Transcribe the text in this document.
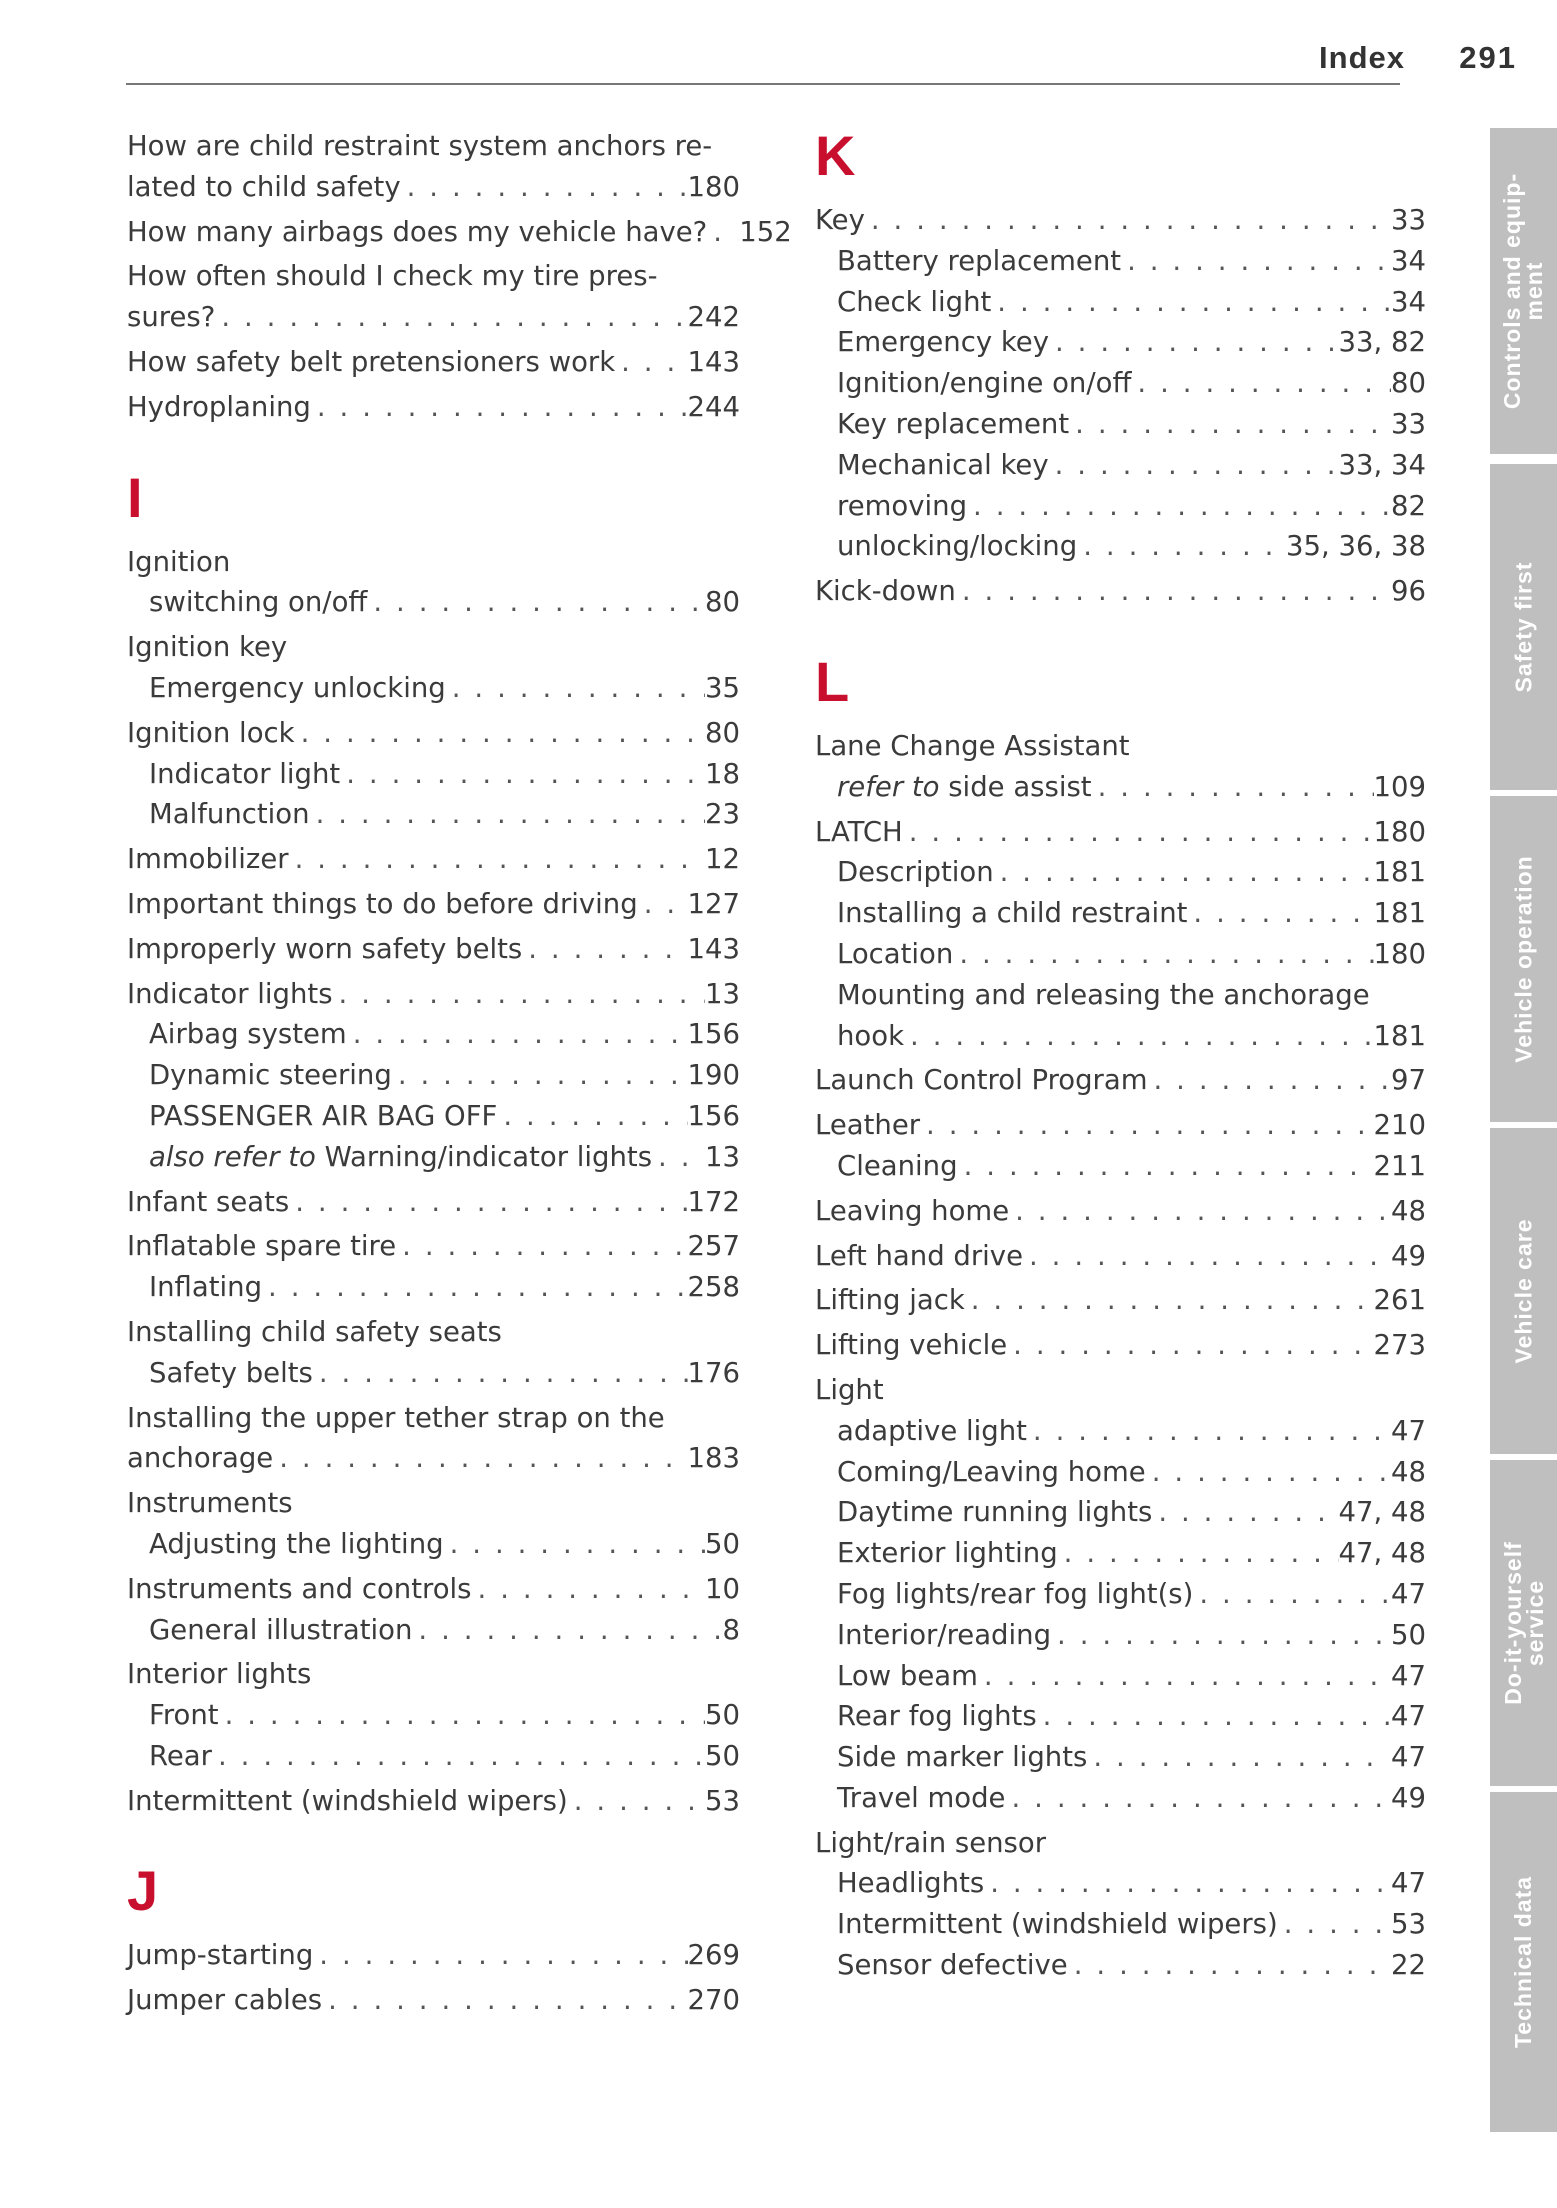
Index 291
How are child restraint system anchors re-
lated to child safety . . .	180
How many airbags does my vehicle have? . . . 152
How often should I check my tire pres-
sures? . . .	242
How safety belt pretensioners work . . .	143
Hydroplaning . . .	244
I
Ignition
switching on/off . . .	80
Ignition key
Emergency unlocking . . .	35
Ignition lock . . .	80
Indicator light . . .	18
Malfunction . . .	23
Immobilizer . . .	12
Important things to do before driving . . . 127
Improperly worn safety belts . . .	143
Indicator lights . . .	13
Airbag system . . .	156
Dynamic steering . . .	190
PASSENGER AIR BAG OFF . . .	156
also refer to Warning/indicator lights . . . 13
Infant seats . . .	172
Inflatable spare tire . . .	257
Inflating . . .	258
Installing child safety seats
Safety belts . . .	176
Installing the upper tether strap on the
anchorage . . .	183
Instruments
Adjusting the lighting . . .	50
Instruments and controls . . .	10
General illustration . . .	8
Interior lights
Front . . .	50
Rear . . .	50
Intermittent (windshield wipers) . . .	53
J
Jump-starting . . .	269
Jumper cables . . .	270
K
Key . . .	33
Battery replacement . . .	34
Check light . . .	34
Emergency key . . .	33, 82
Ignition/engine on/off . . .	80
Key replacement . . .	33
Mechanical key . . .	33, 34
removing . . .	82
unlocking/locking . . .	35, 36, 38
Kick-down . . .	96
L
Lane Change Assistant
refer to side assist . . .	109
LATCH . . .	180
Description . . .	181
Installing a child restraint . . .	181
Location . . .	180
Mounting and releasing the anchorage
hook . . .	181
Launch Control Program . . .	97
Leather . . .	210
Cleaning . . .	211
Leaving home . . .	48
Left hand drive . . .	49
Lifting jack . . .	261
Lifting vehicle . . .	273
Light
adaptive light . . .	47
Coming/Leaving home . . .	48
Daytime running lights . . .	47, 48
Exterior lighting . . .	47, 48
Fog lights/rear fog light(s) . . .	47
Interior/reading . . .	50
Low beam . . .	47
Rear fog lights . . .	47
Side marker lights . . .	47
Travel mode . . .	49
Light/rain sensor
Headlights . . .	47
Intermittent (windshield wipers) . . .	53
Sensor defective . . .	22
Controls and equip-
ment
Safety first
Vehicle operation
Vehicle care
Do-it-yourself
service
Technical data
